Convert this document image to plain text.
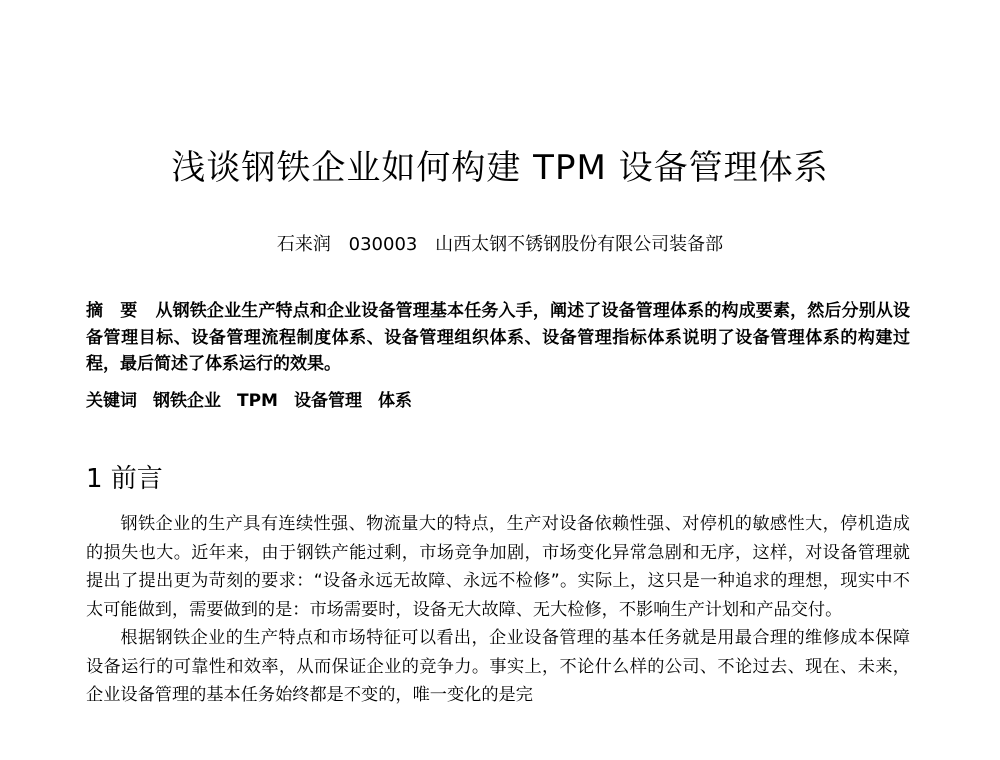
浅谈钢铁企业如何构建 TPM 设备管理体系
石来润 030003 山西太钢不锈钢股份有限公司装备部

摘　要 从钢铁企业生产特点和企业设备管理基本任务入手，阐述了设备管理体系的构成要素，然后分别从设备管理目标、设备管理流程制度体系、设备管理组织体系、设备管理指标体系说明了设备管理体系的构建过程，最后简述了体系运行的效果。

关键词 钢铁企业 TPM 设备管理 体系

1 前言

钢铁企业的生产具有连续性强、物流量大的特点，生产对设备依赖性强、对停机的敏感性大，停机造成的损失也大。近年来，由于钢铁产能过剩，市场竞争加剧，市场变化异常急剧和无序，这样，对设备管理就提出了提出更为苛刻的要求：“设备永远无故障、永远不检修”。实际上，这只是一种追求的理想，现实中不太可能做到，需要做到的是：市场需要时，设备无大故障、无大检修，不影响生产计划和产品交付。

根据钢铁企业的生产特点和市场特征可以看出，企业设备管理的基本任务就是用最合理的维修成本保障设备运行的可靠性和效率，从而保证企业的竞争力。事实上，不论什么样的公司、不论过去、现在、未来，企业设备管理的基本任务始终都是不变的，唯一变化的是完
